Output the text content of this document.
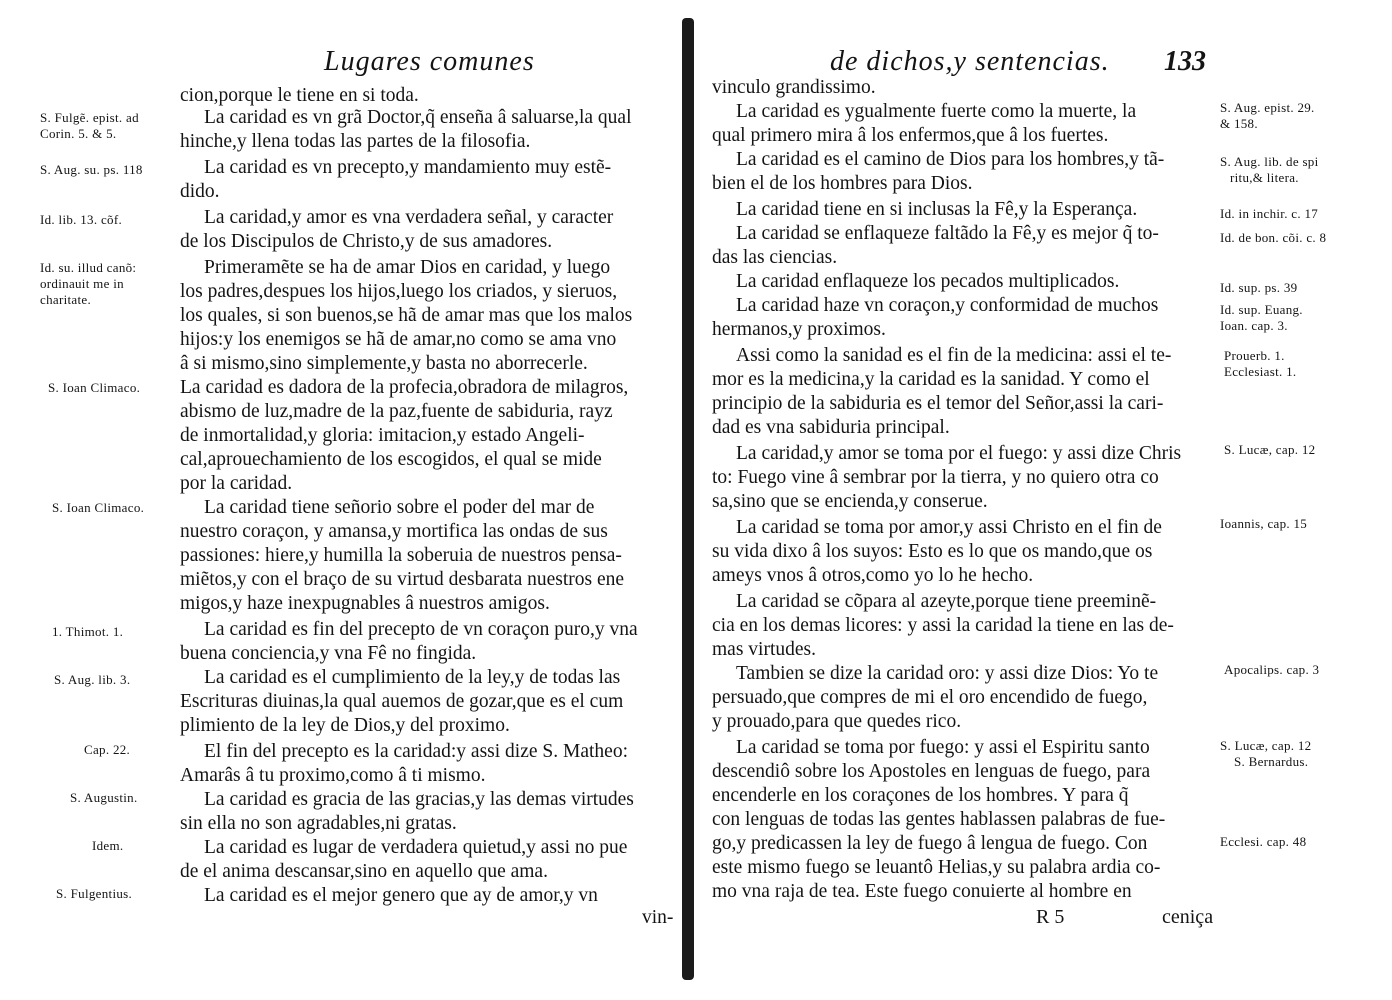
Lugares comunes
cion,porque le tiene en si toda.
La caridad es vn grã Doctor,q̃ enseña â saluarse,la qual
hinche,y llena todas las partes de la filosofia.
La caridad es vn precepto,y mandamiento muy estẽ-
dido.
La caridad,y amor es vna verdadera señal, y caracter
de los Discipulos de Christo,y de sus amadores.
Primeramẽte se ha de amar Dios en caridad, y luego
los padres,despues los hijos,luego los criados, y sieruos,
los quales, si son buenos,se hã de amar mas que los malos
hijos:y los enemigos se hã de amar,no como se ama vno
â si mismo,sino simplemente,y basta no aborrecerle.
La caridad es dadora de la profecia,obradora de milagros,
abismo de luz,madre de la paz,fuente de sabiduria, rayz
de inmortalidad,y gloria: imitacion,y estado Angeli-
cal,aprouechamiento de los escogidos, el qual se mide
por la caridad.
La caridad tiene señorio sobre el poder del mar de
nuestro coraçon, y amansa,y mortifica las ondas de sus
passiones: hiere,y humilla la soberuia de nuestros pensa-
miẽtos,y con el braço de su virtud desbarata nuestros ene
migos,y haze inexpugnables â nuestros amigos.
La caridad es fin del precepto de vn coraçon puro,y vna
buena conciencia,y vna Fê no fingida.
La caridad es el cumplimiento de la ley,y de todas las
Escrituras diuinas,la qual auemos de gozar,que es el cum
plimiento de la ley de Dios,y del proximo.
El fin del precepto es la caridad:y assi dize S. Matheo:
Amarâs â tu proximo,como â ti mismo.
La caridad es gracia de las gracias,y las demas virtudes
sin ella no son agradables,ni gratas.
La caridad es lugar de verdadera quietud,y assi no pue
de el anima descansar,sino en aquello que ama.
La caridad es el mejor genero que ay de amor,y vn
vin-
S. Fulgẽ. epist. ad
Corin. 5. & 5.
S. Aug. su. ps. 118
Id. lib. 13. cõf.
Id. su. illud canõ:
ordinauit me in
charitate.
S. Ioan Climaco.
S. Ioan Climaco.
1. Thimot. 1.
S. Aug. lib. 3.
Cap. 22.
S. Augustin.
Idem.
S. Fulgentius.
de dichos,y sentencias. 133
vinculo grandissimo.
La caridad es ygualmente fuerte como la muerte, la
qual primero mira â los enfermos,que â los fuertes.
La caridad es el camino de Dios para los hombres,y tã-
bien el de los hombres para Dios.
La caridad tiene en si inclusas la Fê,y la Esperança.
La caridad se enflaqueze faltãdo la Fê,y es mejor q̃ to-
das las ciencias.
La caridad enflaqueze los pecados multiplicados.
La caridad haze vn coraçon,y conformidad de muchos
hermanos,y proximos.
Assi como la sanidad es el fin de la medicina: assi el te-
mor es la medicina,y la caridad es la sanidad. Y como el
principio de la sabiduria es el temor del Señor,assi la cari-
dad es vna sabiduria principal.
La caridad,y amor se toma por el fuego: y assi dize Chris
to: Fuego vine â sembrar por la tierra, y no quiero otra co
sa,sino que se encienda,y conserue.
La caridad se toma por amor,y assi Christo en el fin de
su vida dixo â los suyos: Esto es lo que os mando,que os
ameys vnos â otros,como yo lo he hecho.
La caridad se cõpara al azeyte,porque tiene preeminẽ-
cia en los demas licores: y assi la caridad la tiene en las de-
mas virtudes.
Tambien se dize la caridad oro: y assi dize Dios: Yo te
persuado,que compres de mi el oro encendido de fuego,
y prouado,para que quedes rico.
La caridad se toma por fuego: y assi el Espiritu santo
descendiô sobre los Apostoles en lenguas de fuego, para
encenderle en los coraçones de los hombres. Y para q̃
con lenguas de todas las gentes hablassen palabras de fue-
go,y predicassen la ley de fuego â lengua de fuego. Con
este mismo fuego se leuantô Helias,y su palabra ardia co-
mo vna raja de tea. Este fuego conuierte al hombre en
R 5	ceniça
S. Aug. epist. 29.
& 158.
S. Aug. lib. de spi
ritu,& litera.
Id. in inchir. c. 17
Id. de bon. cõi. c. 8
Id. sup. ps. 39
Id. sup. Euang.
Ioan. cap. 3.
Prouerb. 1.
Ecclesiast. 1.
S. Lucæ, cap. 12
Ioannis, cap. 15
Apocalips. cap. 3
S. Lucæ, cap. 12
S. Bernardus.
Ecclesi. cap. 48
